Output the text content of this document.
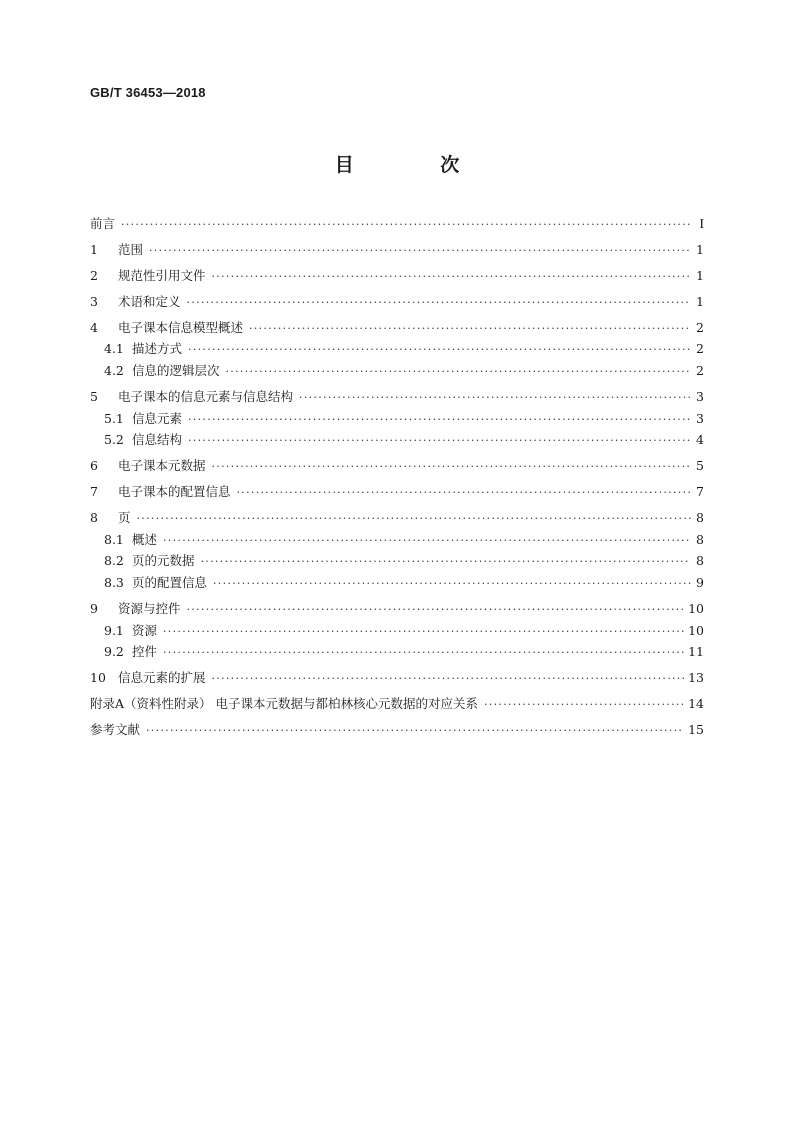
GB/T 36453—2018
目 次
前言 ·····	I
1	范围 ·····	1
2	规范性引用文件 ·····	1
3	术语和定义 ·····	1
4	电子课本信息模型概述 ·····	2
4.1 描述方式 ·····	2
4.2 信息的逻辑层次 ·····	2
5	电子课本的信息元素与信息结构 ·····	3
5.1 信息元素 ·····	3
5.2 信息结构 ·····	4
6	电子课本元数据 ·····	5
7	电子课本的配置信息 ·····	7
8	页 ·····	8
8.1 概述 ·····	8
8.2 页的元数据 ·····	8
8.3 页的配置信息 ·····	9
9	资源与控件 ·····	10
9.1 资源 ·····	10
9.2 控件 ·····	11
10 信息元素的扩展 ·····	13
附录A（资料性附录） 电子课本元数据与都柏林核心元数据的对应关系 ·····	14
参考文献 ·····	15
